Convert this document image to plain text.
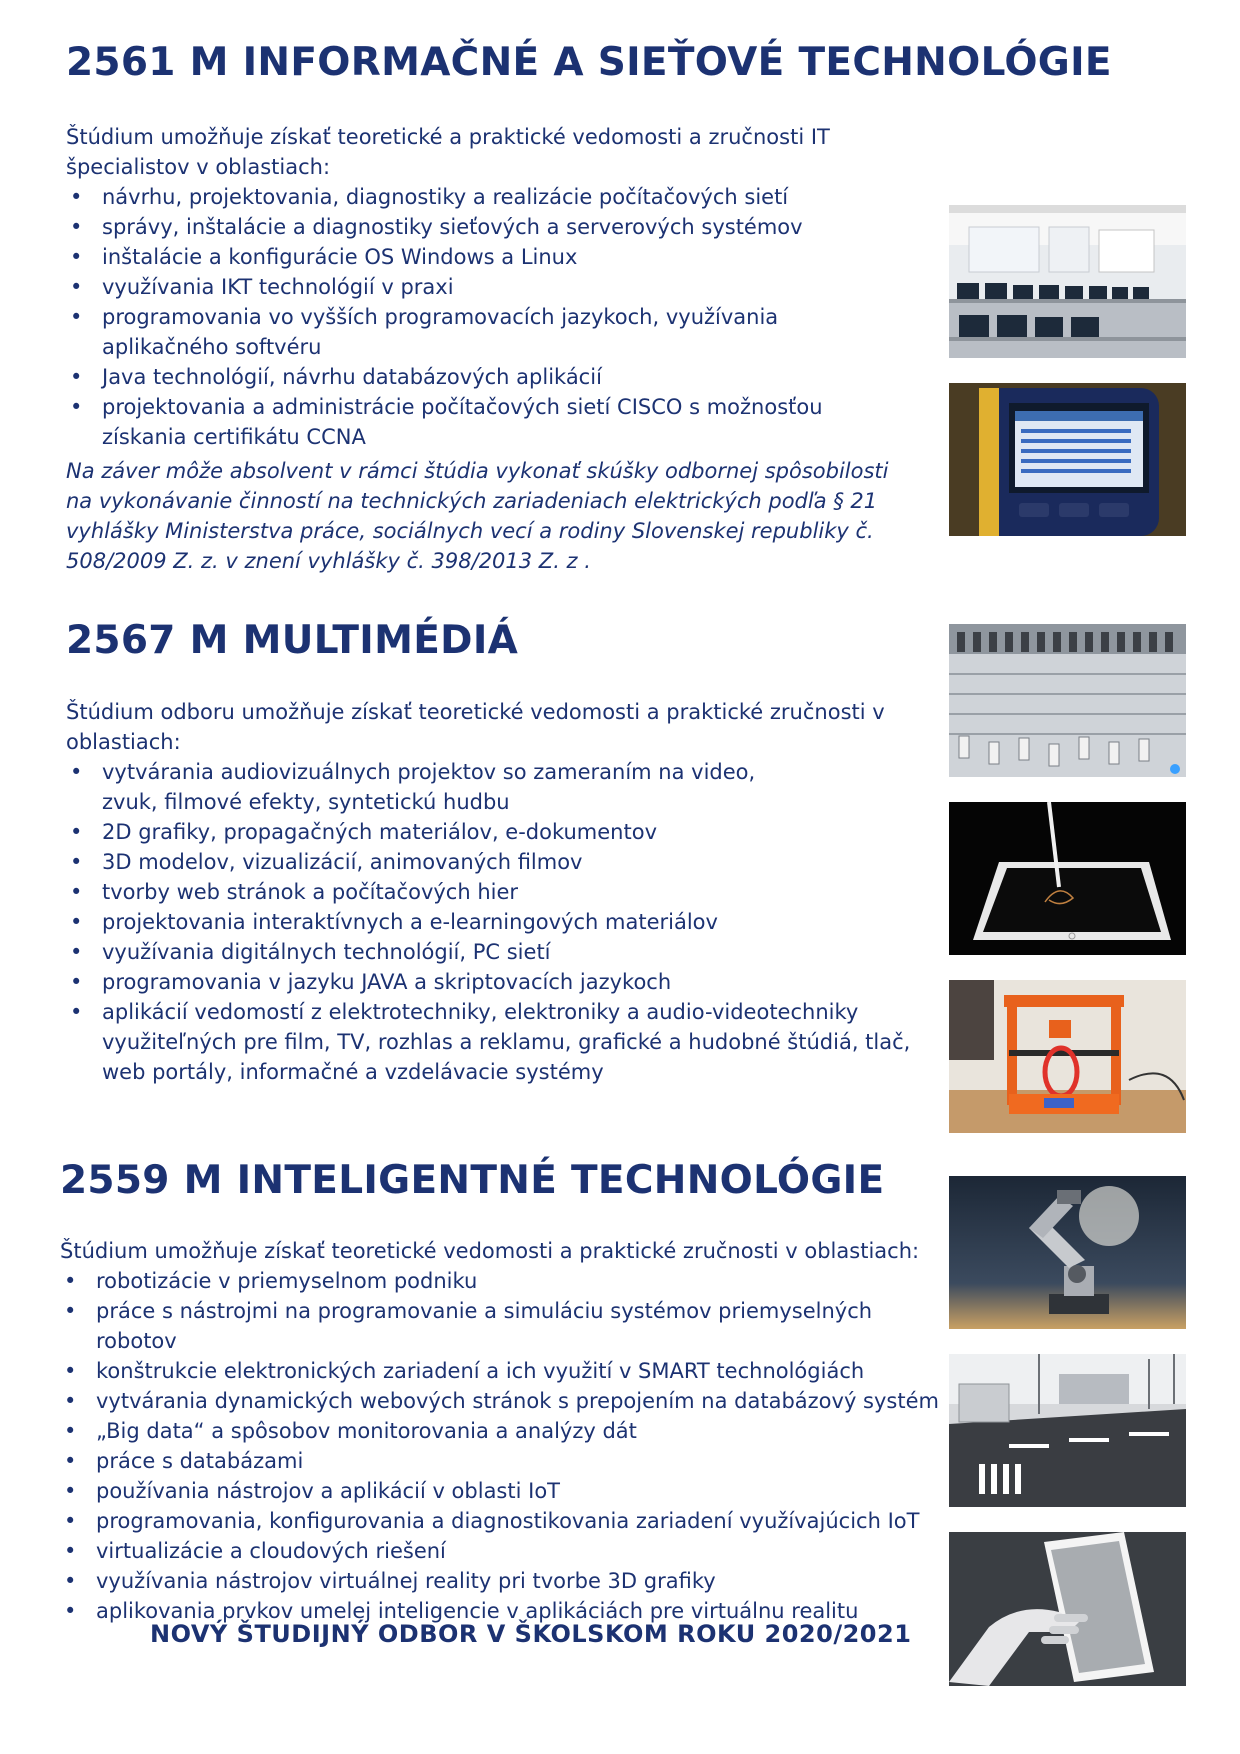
2561 M INFORMAČNÉ A SIEŤOVÉ TECHNOLÓGIE

Štúdium umožňuje získať teoretické a praktické vedomosti a zručnosti IT špecialistov v oblastiach:

• návrhu, projektovania, diagnostiky a realizácie počítačových sietí
• správy, inštalácie a diagnostiky sieťových a serverových systémov
• inštalácie a konfigurácie OS Windows a Linux
• využívania IKT technológií v praxi
• programovania vo vyšších programovacích jazykoch, využívania aplikačného softvéru
• Java technológií, návrhu databázových aplikácií
• projektovania a administrácie počítačových sietí CISCO s možnosťou získania certifikátu CCNA

Na záver môže absolvent v rámci štúdia vykonať skúšky odbornej spôsobilosti na vykonávanie činností na technických zariadeniach elektrických podľa § 21 vyhlášky Ministerstva práce, sociálnych vecí a rodiny Slovenskej republiky č. 508/2009 Z. z. v znení vyhlášky č. 398/2013 Z. z .

2567 M MULTIMÉDIÁ

Štúdium odboru umožňuje získať teoretické vedomosti a praktické zručnosti v oblastiach:

• vytvárania audiovizuálnych projektov so zameraním na video, zvuk, filmové efekty, syntetickú hudbu
• 2D grafiky, propagačných materiálov, e-dokumentov
• 3D modelov, vizualizácií, animovaných filmov
• tvorby web stránok a počítačových hier
• projektovania interaktívnych a e-learningových materiálov
• využívania digitálnych technológií, PC sietí
• programovania v jazyku JAVA a skriptovacích jazykoch
• aplikácií vedomostí z elektrotechniky, elektroniky a audio-videotechniky využiteľných pre film, TV, rozhlas a reklamu, grafické a hudobné štúdiá, tlač, web portály, informačné a vzdelávacie systémy
2559 M INTELIGENTNÉ TECHNOLÓGIE

Štúdium umožňuje získať teoretické vedomosti a praktické zručnosti v oblastiach:

• robotizácie v priemyselnom podniku
• práce s nástrojmi na programovanie a simuláciu systémov priemyselných robotov
• konštrukcie elektronických zariadení a ich využití v SMART technológiách
• vytvárania dynamických webových stránok s prepojením na databázový systém
• „Big data“ a spôsobov monitorovania a analýzy dát
• práce s databázami
• používania nástrojov a aplikácií v oblasti IoT
• programovania, konfigurovania a diagnostikovania zariadení využívajúcich IoT
• virtualizácie a cloudových riešení
• využívania nástrojov virtuálnej reality pri tvorbe 3D grafiky
• aplikovania prvkov umelej inteligencie v aplikáciách pre virtuálnu realitu

NOVÝ ŠTUDIJNÝ ODBOR V ŠKOLSKOM ROKU 2020/2021
